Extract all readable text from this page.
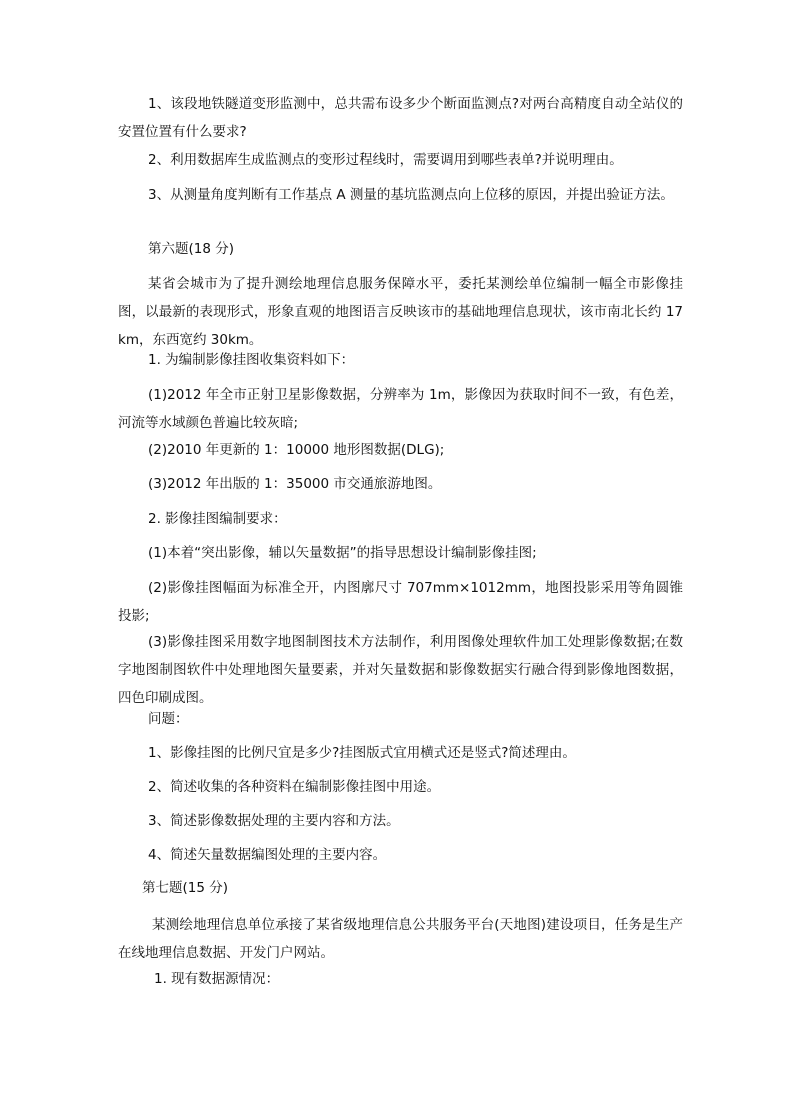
1、该段地铁隧道变形监测中，总共需布设多少个断面监测点?对两台高精度自动全站仪的安置位置有什么要求?

2、利用数据库生成监测点的变形过程线时，需要调用到哪些表单?并说明理由。

3、从测量角度判断有工作基点 A 测量的基坑监测点向上位移的原因，并提出验证方法。

第六题(18 分)

某省会城市为了提升测绘地理信息服务保障水平，委托某测绘单位编制一幅全市影像挂图，以最新的表现形式，形象直观的地图语言反映该市的基础地理信息现状，该市南北长约 17km，东西宽约 30km。

1. 为编制影像挂图收集资料如下：

(1)2012 年全市正射卫星影像数据，分辨率为 1m，影像因为获取时间不一致，有色差，河流等水域颜色普遍比较灰暗;

(2)2010 年更新的 1：10000 地形图数据(DLG);

(3)2012 年出版的 1：35000 市交通旅游地图。

2. 影像挂图编制要求：

(1)本着“突出影像，辅以矢量数据”的指导思想设计编制影像挂图;

(2)影像挂图幅面为标准全开，内图廓尺寸 707mm×1012mm，地图投影采用等角圆锥投影;

(3)影像挂图采用数字地图制图技术方法制作，利用图像处理软件加工处理影像数据;在数字地图制图软件中处理地图矢量要素，并对矢量数据和影像数据实行融合得到影像地图数据，四色印刷成图。

问题：

1、影像挂图的比例尺宜是多少?挂图版式宜用横式还是竖式?简述理由。

2、简述收集的各种资料在编制影像挂图中用途。

3、简述影像数据处理的主要内容和方法。

4、简述矢量数据编图处理的主要内容。

第七题(15 分)

某测绘地理信息单位承接了某省级地理信息公共服务平台(天地图)建设项目，任务是生产在线地理信息数据、开发门户网站。

1. 现有数据源情况：
